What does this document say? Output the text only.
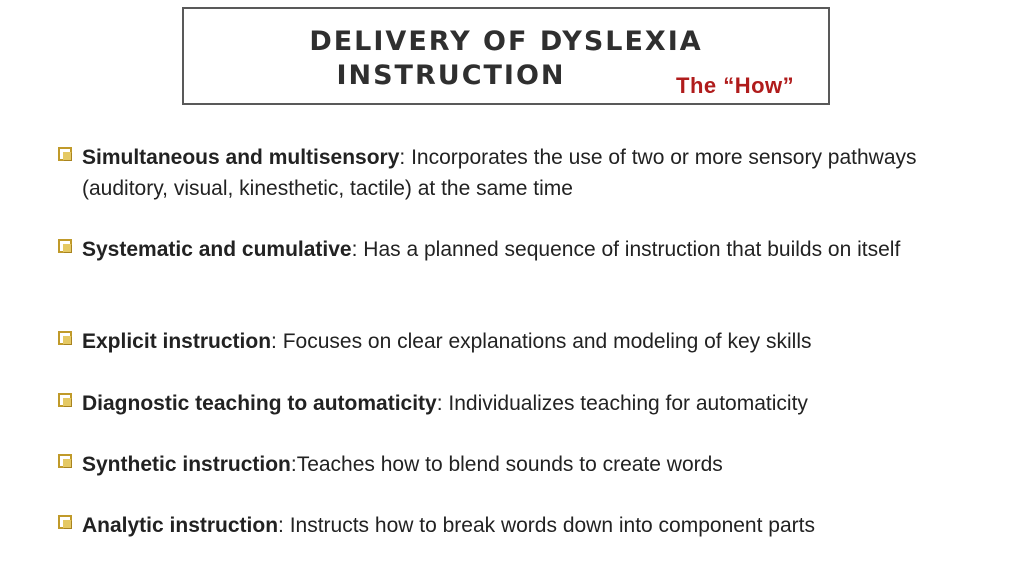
DELIVERY OF DYSLEXIA
INSTRUCTION	The “How”
Simultaneous and multisensory: Incorporates the use of two or more sensory pathways (auditory, visual, kinesthetic, tactile) at the same time
Systematic and cumulative: Has a planned sequence of instruction that builds on itself
Explicit instruction: Focuses on clear explanations and modeling of key skills
Diagnostic teaching to automaticity: Individualizes teaching for automaticity
Synthetic instruction:Teaches how to blend sounds to create words
Analytic instruction: Instructs how to break words down into component parts
